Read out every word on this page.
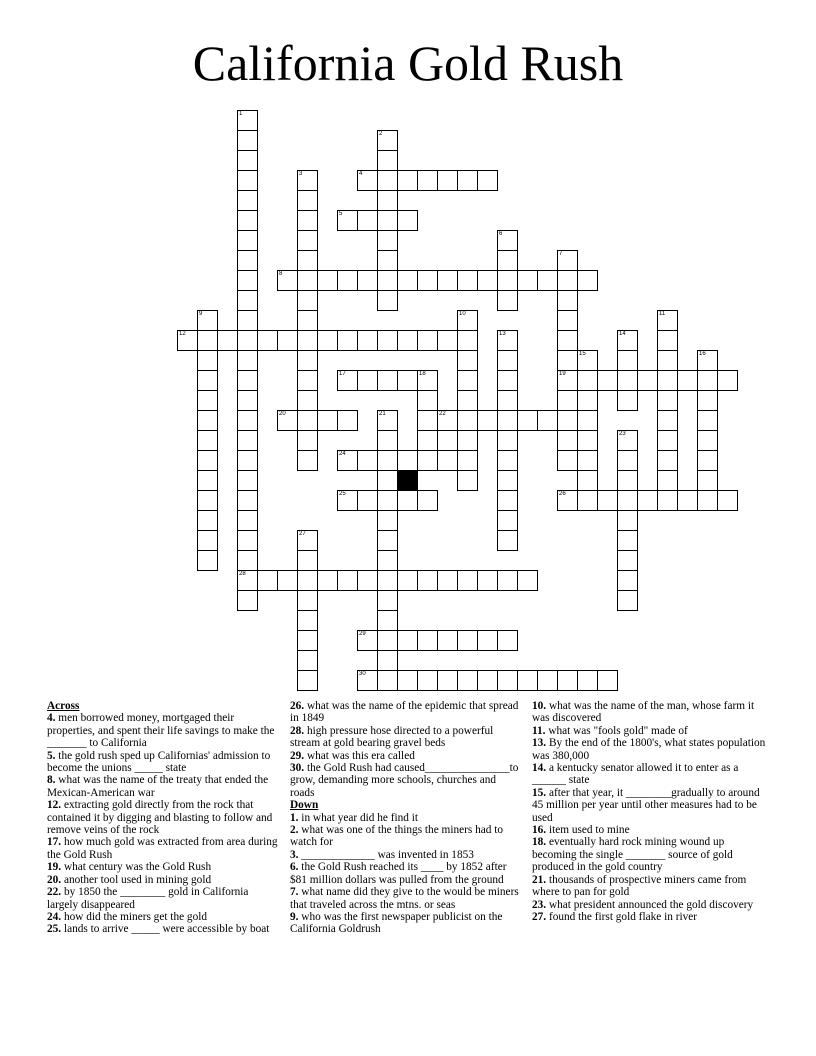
California Gold Rush
4
5
8
12
17	18	19
20	22
24
25	26
28
29
30
1
2
3
6
7
9	10	11
13	14
15	16
21
23
27
Across
4. men borrowed money, mortgaged their properties, and spent their life savings to make the _______ to California
5. the gold rush sped up Californias' admission to become the unions _____ state
8. what was the name of the treaty that ended the Mexican-American war
12. extracting gold directly from the rock that contained it by digging and blasting to follow and remove veins of the rock
17. how much gold was extracted from area during the Gold Rush
19. what century was the Gold Rush
20. another tool used in mining gold
22. by 1850 the ________ gold in California largely disappeared
24. how did the miners get the gold
25. lands to arrive _____ were accessible by boat
26. what was the name of the epidemic that spread in 1849
28. high pressure hose directed to a powerful stream at gold bearing gravel beds
29. what was this era called
30. the Gold Rush had caused_______________to grow, demanding more schools, churches and roads
Down
1. in what year did he find it
2. what was one of the things the miners had to watch for
3. _____________ was invented in 1853
6. the Gold Rush reached its ____ by 1852 after $81 million dollars was pulled from the ground
7. what name did they give to the would be miners that traveled across the mtns. or seas
9. who was the first newspaper publicist on the California Goldrush
10. what was the name of the man, whose farm it was discovered
11. what was "fools gold" made of
13. By the end of the 1800's, what states population was 380,000
14. a kentucky senator allowed it to enter as a ______ state
15. after that year, it ________gradually to around 45 million per year until other measures had to be used
16. item used to mine
18. eventually hard rock mining wound up becoming the single _______ source of gold produced in the gold country
21. thousands of prospective miners came from where to pan for gold
23. what president announced the gold discovery
27. found the first gold flake in river
